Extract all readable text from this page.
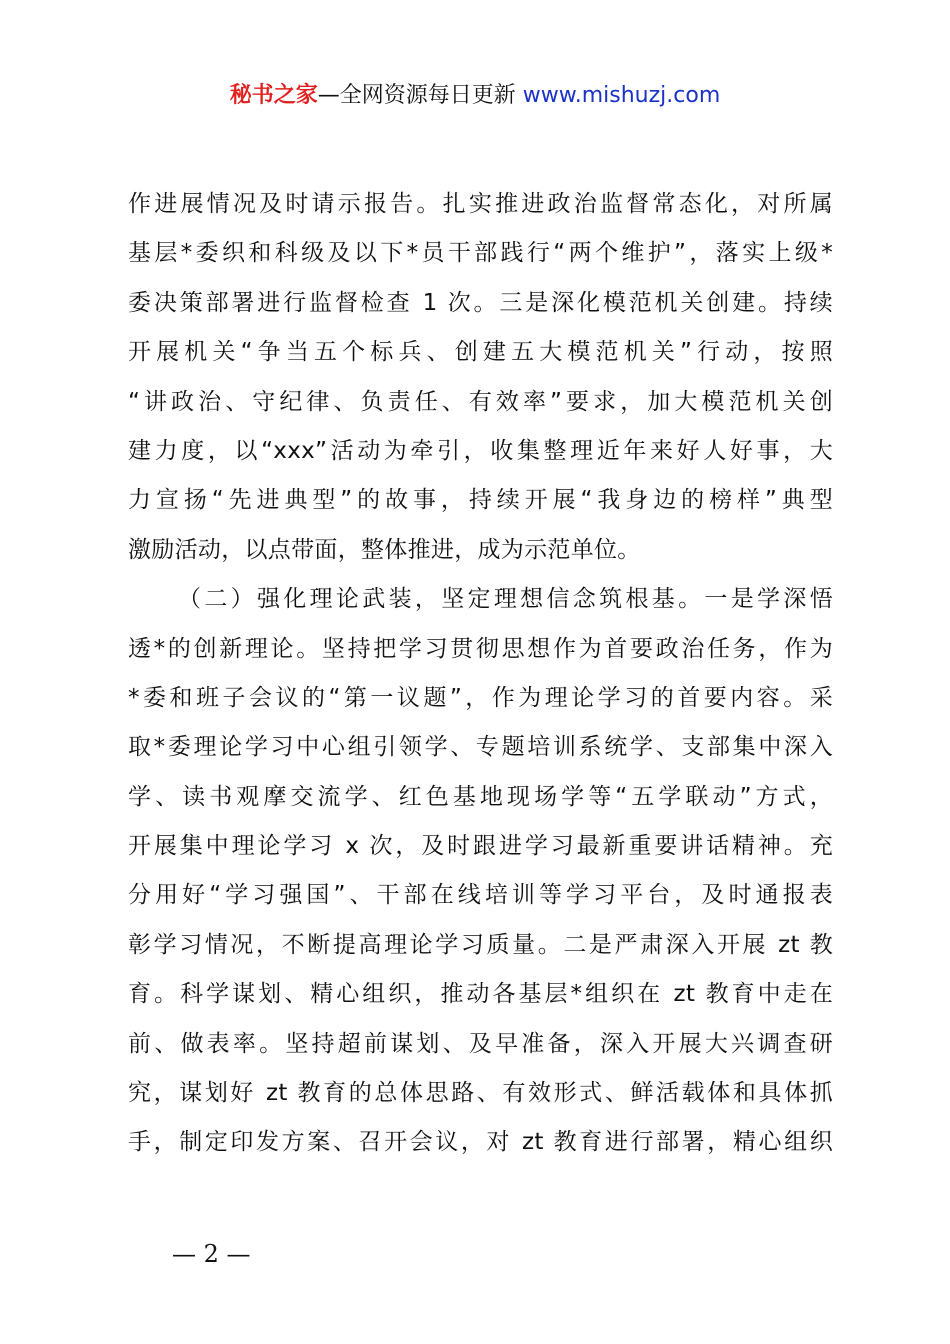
秘书之家—全网资源每日更新 www.mishuzj.com
作进展情况及时请示报告。扎实推进政治监督常态化，对所属
基层*委织和科级及以下*员干部践行“两个维护”，落实上级*
委决策部署进行监督检查 1 次。三是深化模范机关创建。持续
开展机关“争当五个标兵、创建五大模范机关”行动，按照
“讲政治、守纪律、负责任、有效率”要求，加大模范机关创
建力度，以“xxx”活动为牵引，收集整理近年来好人好事，大
力宣扬“先进典型”的故事，持续开展“我身边的榜样”典型
激励活动，以点带面，整体推进，成为示范单位。
（二）强化理论武装，坚定理想信念筑根基。一是学深悟
透*的创新理论。坚持把学习贯彻思想作为首要政治任务，作为
*委和班子会议的“第一议题”，作为理论学习的首要内容。采
取*委理论学习中心组引领学、专题培训系统学、支部集中深入
学、读书观摩交流学、红色基地现场学等“五学联动”方式，
开展集中理论学习 x 次，及时跟进学习最新重要讲话精神。充
分用好“学习强国”、干部在线培训等学习平台，及时通报表
彰学习情况，不断提高理论学习质量。二是严肃深入开展 zt 教
育。科学谋划、精心组织，推动各基层*组织在 zt 教育中走在
前、做表率。坚持超前谋划、及早准备，深入开展大兴调查研
究，谋划好 zt 教育的总体思路、有效形式、鲜活载体和具体抓
手，制定印发方案、召开会议，对 zt 教育进行部署，精心组织
— 2 —
